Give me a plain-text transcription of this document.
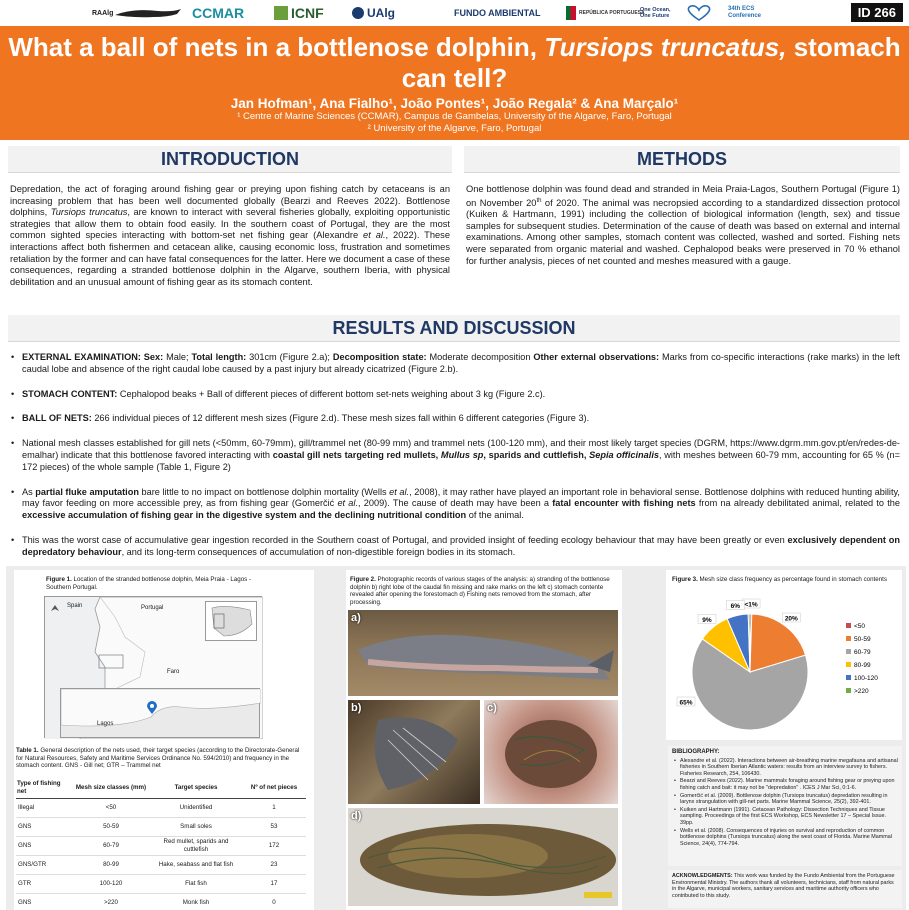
RAAlg	CCMAR	ICNF	UAlg	FUNDO AMBIENTAL	REPÚBLICA PORTUGUESA
One Ocean, One Future
34th ECS Conference	ID 266
What a ball of nets in a bottlenose dolphin, Tursiops truncatus, stomach can tell?
Jan Hofman¹, Ana Fialho¹, João Pontes¹, João Regala² & Ana Marçalo¹
¹ Centre of Marine Sciences (CCMAR), Campus de Gambelas, University of the Algarve, Faro, Portugal
² University of the Algarve, Faro, Portugal
INTRODUCTION
Depredation, the act of foraging around fishing gear or preying upon fishing catch by cetaceans is an increasing problem that has been well documented globally (Bearzi and Reeves 2022). Bottlenose dolphins, Tursiops truncatus, are known to interact with several fisheries globally, exploiting opportunistic strategies that allow them to obtain food easily. In the southern coast of Portugal, they are the most common sighted species interacting with bottom-set net fishing gear (Alexandre et al., 2022). These interactions affect both fishermen and cetacean alike, causing economic loss, frustration and sometimes retaliation by the former and can have fatal consequences for the latter. Here we document a case of these consequences, regarding a stranded bottlenose dolphin in the Algarve, southern Iberia, with physical debilitation and an unusual amount of fishing gear as its stomach content.
METHODS
One bottlenose dolphin was found dead and stranded in Meia Praia-Lagos, Southern Portugal (Figure 1) on November 20th of 2020. The animal was necropsied according to a standardized dissection protocol (Kuiken & Hartmann, 1991) including the collection of biological information (length, sex) and tissue samples for subsequent studies. Determination of the cause of death was based on external and internal examinations. Among other samples, stomach content was collected, washed and sorted. Fishing nets were separated from organic material and washed. Cephalopod beaks were preserved in 70 % ethanol for further analysis, pieces of net counted and meshes measured with a gauge.
RESULTS AND DISCUSSION
• EXTERNAL EXAMINATION: Sex: Male; Total length: 301cm (Figure 2.a); Decomposition state: Moderate decomposition Other external observations: Marks from co-specific interactions (rake marks) in the left caudal lobe and absence of the right caudal lobe caused by a past injury but already cicatrized (Figure 2.b).
• STOMACH CONTENT: Cephalopod beaks + Ball of different pieces of different bottom set-nets weighing about 3 kg (Figure 2.c).
• BALL OF NETS: 266 individual pieces of 12 different mesh sizes (Figure 2.d). These mesh sizes fall within 6 different categories (Figure 3).
• National mesh classes established for gill nets (<50mm, 60-79mm), gill/trammel net (80-99 mm) and trammel nets (100-120 mm), and their most likely target species (DGRM, https://www.dgrm.mm.gov.pt/en/redes-de-emalhar) indicate that this bottlenose favored interacting with coastal gill nets targeting red mullets, Mullus sp, sparids and cuttlefish, Sepia officinalis, with meshes between 60-79 mm, accounting for 65 % (n= 172 pieces) of the whole sample (Table 1, Figure 2)
• As partial fluke amputation bare little to no impact on bottlenose dolphin mortality (Wells et al., 2008), it may rather have played an important role in behavioral sense. Bottlenose dolphins with reduced hunting ability, may favor feeding on more accessible prey, as from fishing gear (Gomerčić et al., 2009). The cause of death may have been a fatal encounter with fishing nets from na already debilitated animal, related to the excessive accumulation of fishing gear in the digestive system and the declining nutritional condition of the animal.
• This was the worst case of accumulative gear ingestion recorded in the Southern coast of Portugal, and provided insight of feeding ecology behaviour that may have been greatly or even exclusively dependent on depredatory behaviour, and its long-term consequences of accumulation of non-digestible foreign bodies in its stomach.
Figure 1. Location of the stranded bottlenose dolphin, Meia Praia - Lagos - Southern Portugal.
Spain	Portugal
Faro
Lagos
Table 1. General description of the nets used, their target species (according to the Directorate-General for Natural Resources, Safety and Maritime Services Ordinance No. 594/2010) and frequency in the stomach content. GNS - Gill net; GTR – Trammel net
Type of fishing net	Mesh size classes (mm)	Target species	Nº of net pieces
Illegal	<50	Unidentified	1
GNS	50-59	Small soles	53
GNS	60-79	Red mullet, sparids and cuttlefish	172
GNS/GTR	80-99	Hake, seabass and flat fish	23
GTR	100-120	Flat fish	17
GNS	>220	Monk fish	0
Figure 2. Photographic records of various stages of the analysis: a) stranding of the bottlenose dolphin b) right lobe of the caudal fin missing and rake marks on the left c) stomach contente revealed after opening the forestomach d) Fishing nets removed from the stomach, after processing.
a)
b)	c)
d)
Figure 3. Mesh size class frequency as percentage found in stomach contents
<1%
20%
65%
9%
6%
<50
50-59
60-79
80-99
100-120
>220
BIBLIOGRAPHY:
• Alexandre et al. (2022). Interactions between air-breathing marine megafauna and artisanal fisheries in Southern Iberian Atlantic waters: results from an interview survey to fishers. Fisheries Research, 254, 106430.
• Bearzi and Reeves (2022). Marine mammals foraging around fishing gear or preying upon fishing catch and bait: it may not be "depredation" . ICES J Mar Sci, 0:1-6.
• Gomerčić et al. (2009). Bottlenose dolphin (Tursiops truncatus) depredation resulting in larynx strangulation with gill-net parts. Marine Mammal Science, 25(2), 392-401.
• Kuiken and Hartmann (1991). Cetacean Pathology: Dissection Techniques and Tissue sampling. Proceedings of the first ECS Workshop, ECS Newsletter 17 – Special Issue. 39pp.
• Wells et al. (2008). Consequences of injuries on survival and reproduction of common bottlenose dolphins (Tursiops truncatus) along the west coast of Florida. Marine Mammal Science, 24(4), 774-794.
ACKNOWLEDGMENTS: This work was funded by the Fundo Ambiental from the Portuguese Environmental Ministry. The authors thank all volunteers, technicians, staff from natural parks in the Algarve, municipal workers, sanitary services and maritime authority officers who contributed to this study.
